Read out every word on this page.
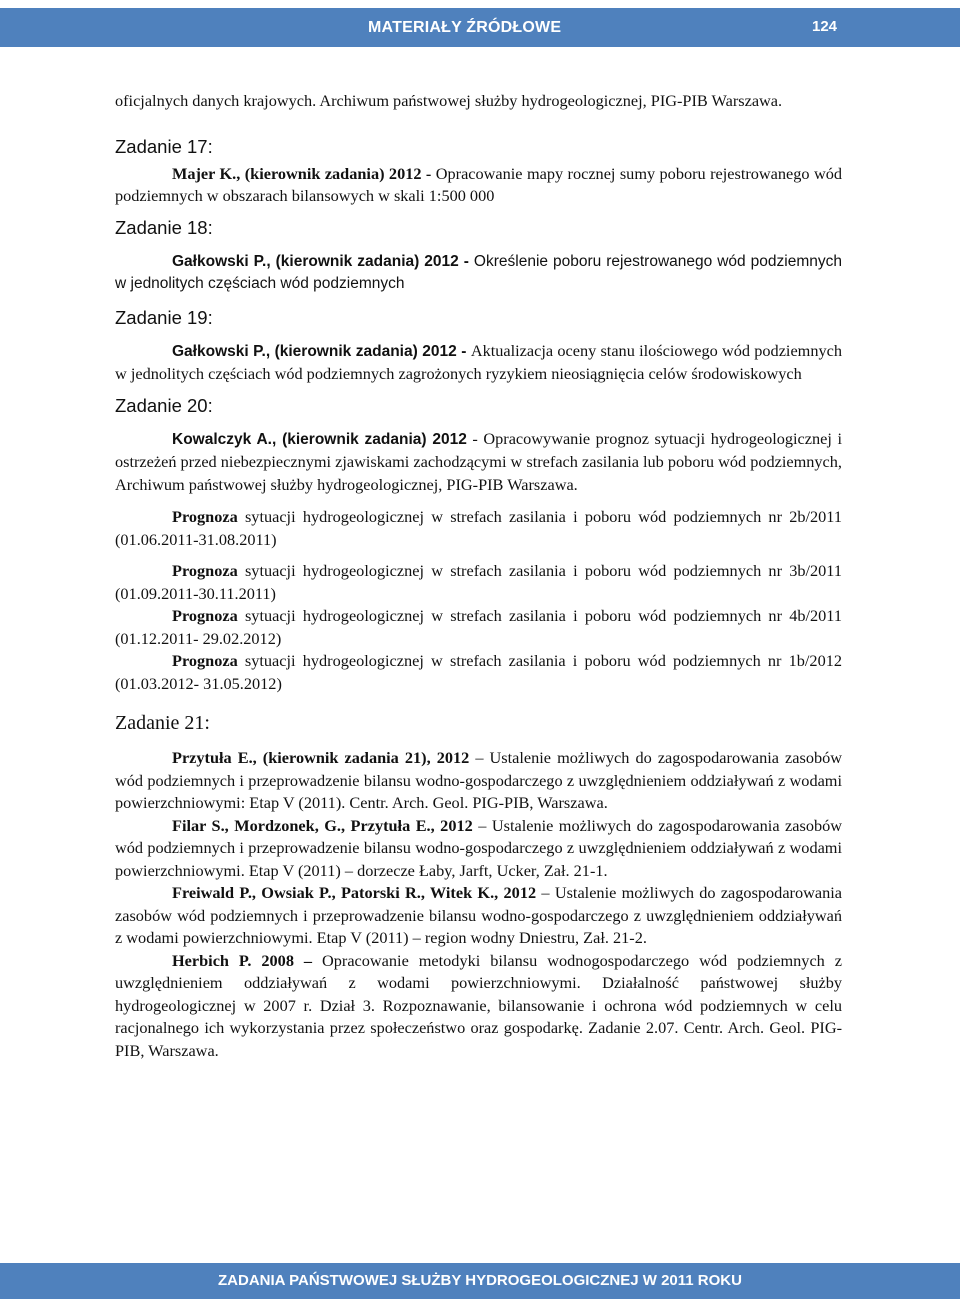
MATERIAŁY ŹRÓDŁOWE	124

oficjalnych danych krajowych. Archiwum państwowej służby hydrogeologicznej, PIG-PIB Warszawa.

Zadanie 17:

Majer K., (kierownik zadania) 2012 - Opracowanie mapy rocznej sumy poboru rejestrowanego wód podziemnych w obszarach bilansowych w skali 1:500 000

Zadanie 18:

Gałkowski P., (kierownik zadania) 2012 - Określenie poboru rejestrowanego wód podziemnych w jednolitych częściach wód podziemnych

Zadanie 19:

Gałkowski P., (kierownik zadania) 2012 - Aktualizacja oceny stanu ilościowego wód podziemnych w jednolitych częściach wód podziemnych zagrożonych ryzykiem nieosiągnięcia celów środowiskowych

Zadanie 20:

Kowalczyk A., (kierownik zadania) 2012 - Opracowywanie prognoz sytuacji hydrogeologicznej i ostrzeżeń przed niebezpiecznymi zjawiskami zachodzącymi w strefach zasilania lub poboru wód podziemnych, Archiwum państwowej służby hydrogeologicznej, PIG-PIB Warszawa.

Prognoza sytuacji hydrogeologicznej w strefach zasilania i poboru wód podziemnych nr 2b/2011 (01.06.2011-31.08.2011)

Prognoza sytuacji hydrogeologicznej w strefach zasilania i poboru wód podziemnych nr 3b/2011 (01.09.2011-30.11.2011)

Prognoza sytuacji hydrogeologicznej w strefach zasilania i poboru wód podziemnych nr 4b/2011 (01.12.2011- 29.02.2012)

Prognoza sytuacji hydrogeologicznej w strefach zasilania i poboru wód podziemnych nr 1b/2012 (01.03.2012- 31.05.2012)

Zadanie 21:

Przytuła E., (kierownik zadania 21), 2012 – Ustalenie możliwych do zagospodarowania zasobów wód podziemnych i przeprowadzenie bilansu wodno-gospodarczego z uwzględnieniem oddziaływań z wodami powierzchniowymi: Etap V (2011). Centr. Arch. Geol. PIG-PIB, Warszawa.

Filar S., Mordzonek, G., Przytuła E., 2012 – Ustalenie możliwych do zagospodarowania zasobów wód podziemnych i przeprowadzenie bilansu wodno-gospodarczego z uwzględnieniem oddziaływań z wodami powierzchniowymi. Etap V (2011) – dorzecze Łaby, Jarft, Ucker, Zał. 21-1.

Freiwald P., Owsiak P., Patorski R., Witek K., 2012 – Ustalenie możliwych do zagospodarowania zasobów wód podziemnych i przeprowadzenie bilansu wodno-gospodarczego z uwzględnieniem oddziaływań z wodami powierzchniowymi. Etap V (2011) – region wodny Dniestru, Zał. 21-2.

Herbich P. 2008 – Opracowanie metodyki bilansu wodnogospodarczego wód podziemnych z uwzględnieniem oddziaływań z wodami powierzchniowymi. Działalność państwowej służby hydrogeologicznej w 2007 r. Dział 3. Rozpoznawanie, bilansowanie i ochrona wód podziemnych w celu racjonalnego ich wykorzystania przez społeczeństwo oraz gospodarkę. Zadanie 2.07. Centr. Arch. Geol. PIG-PIB, Warszawa.

ZADANIA PAŃSTWOWEJ SŁUŻBY HYDROGEOLOGICZNEJ W 2011 ROKU
